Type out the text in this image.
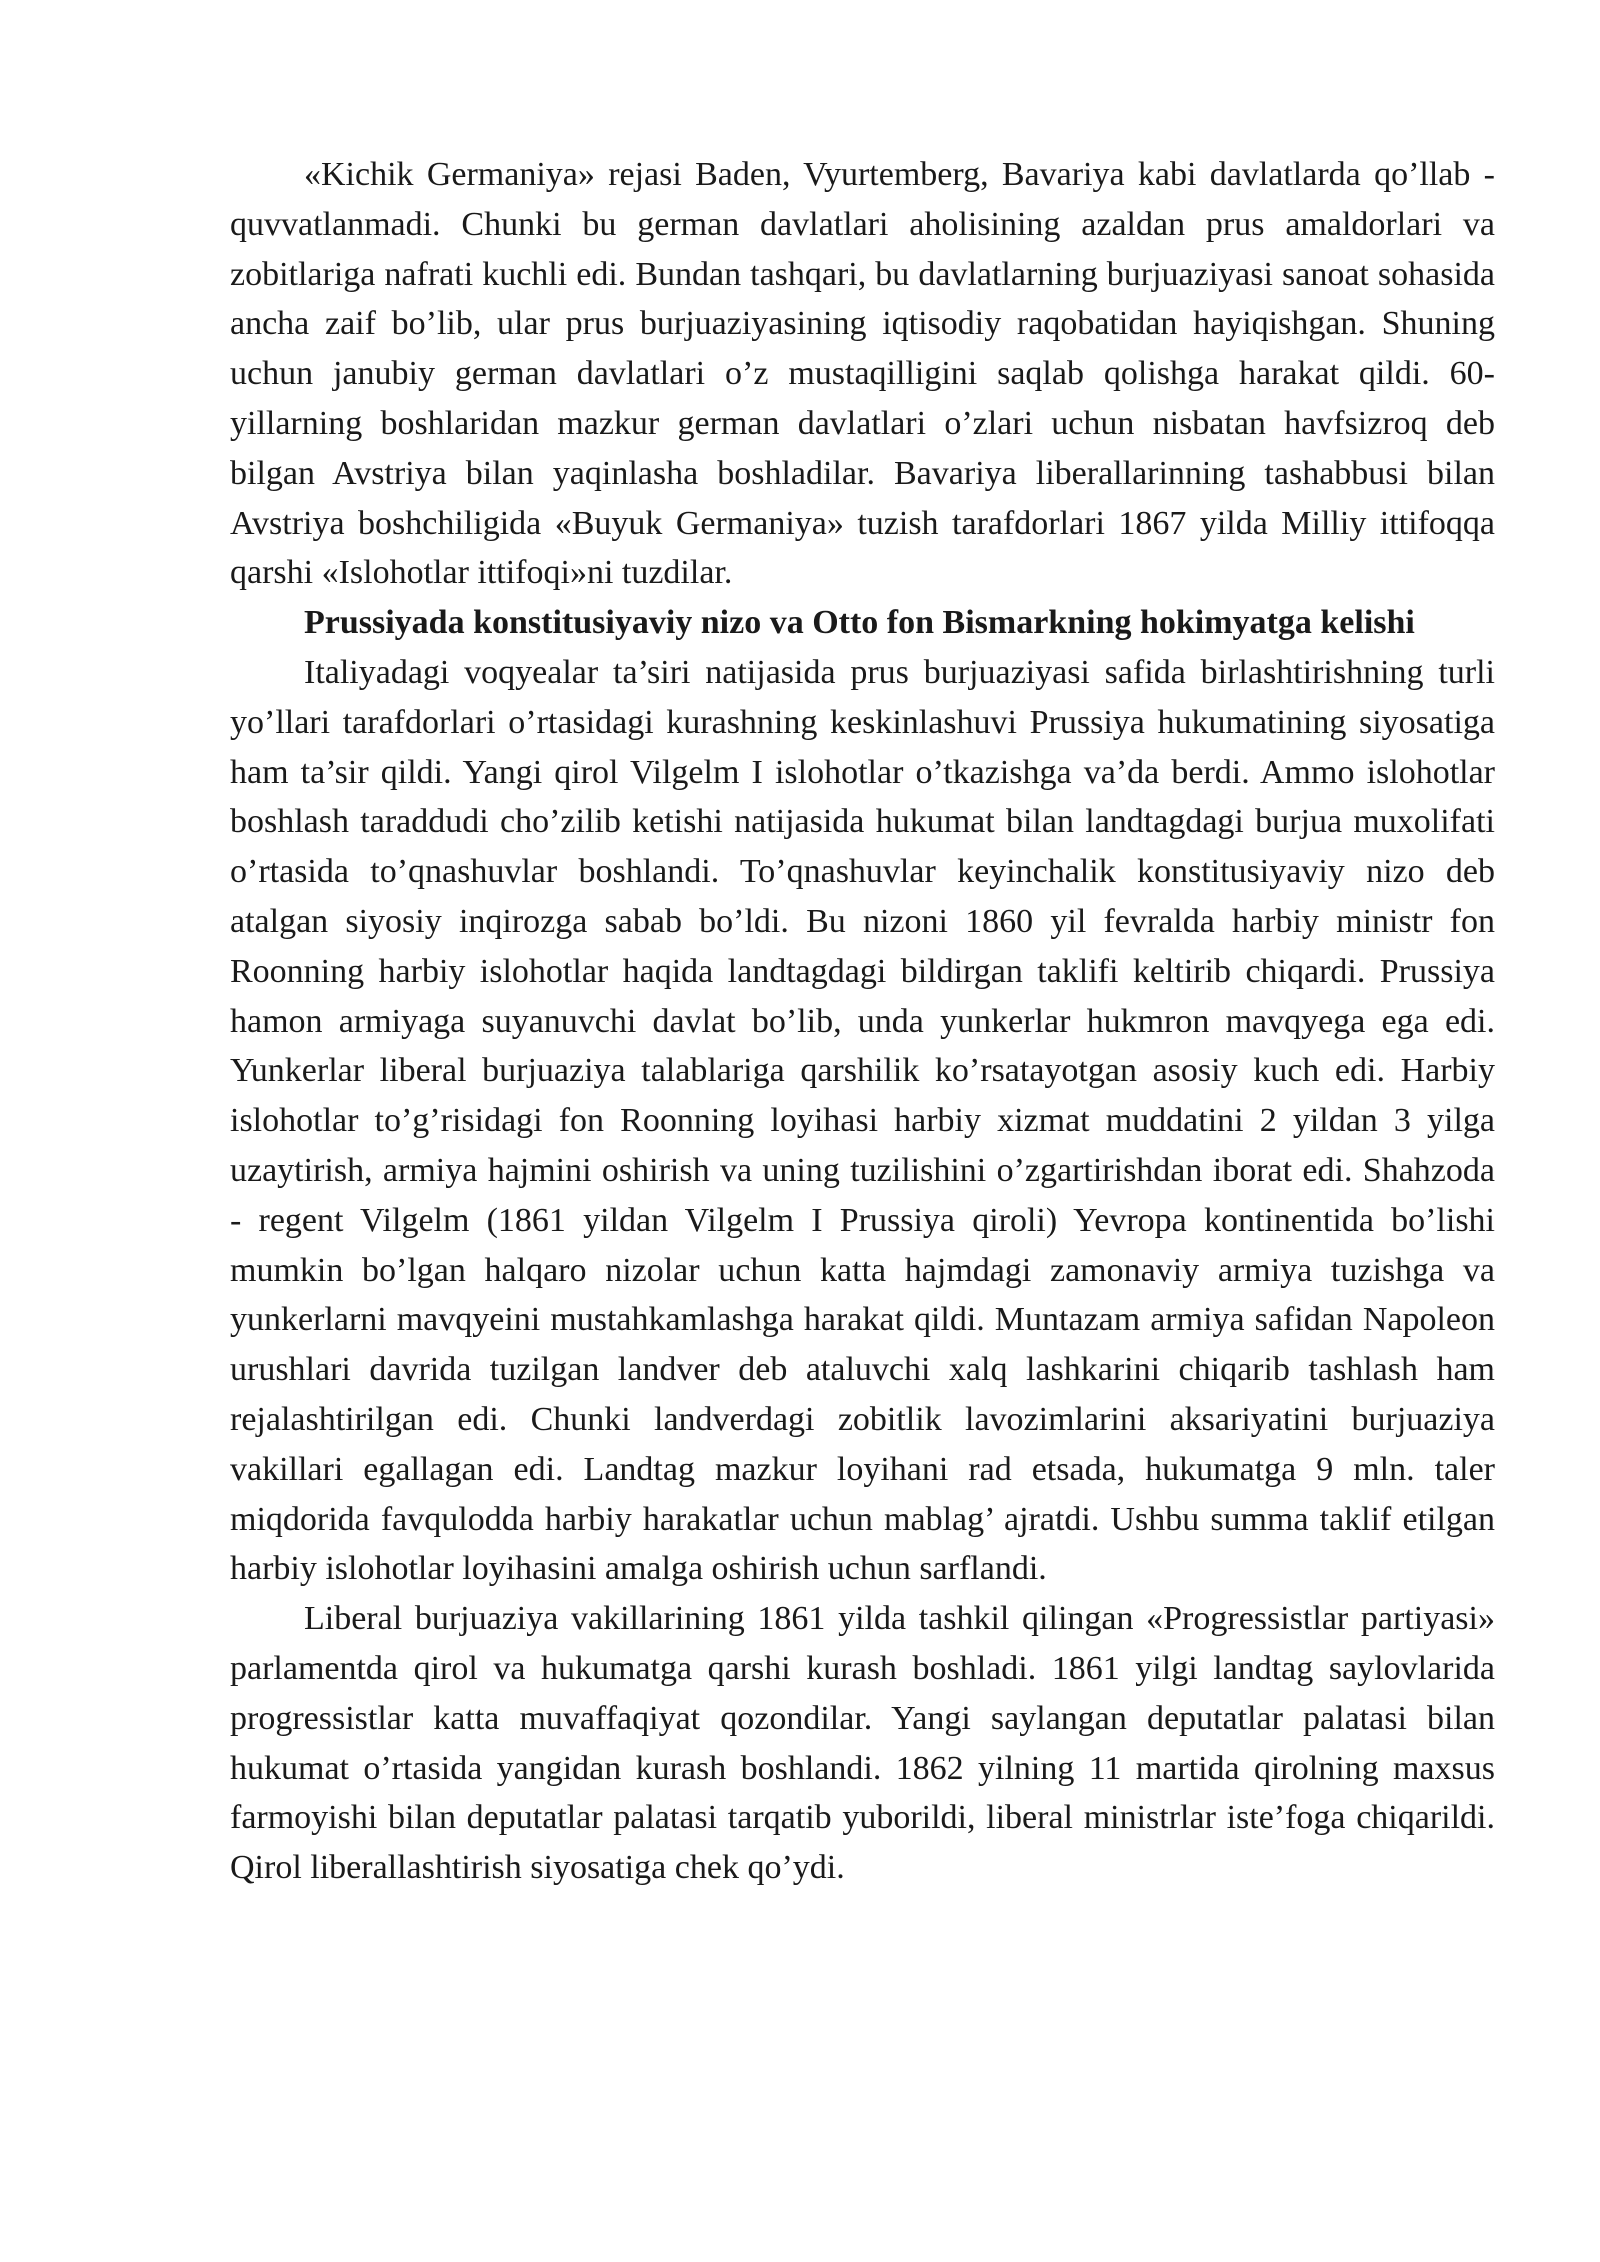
«Kichik Germaniya» rejasi Baden, Vyurtemberg, Bavariya kabi davlatlarda qo’llab - quvvatlanmadi. Chunki bu german davlatlari aholisining azaldan prus amaldorlari va zobitlariga nafrati kuchli edi. Bundan tashqari, bu davlatlarning burjuaziyasi sanoat sohasida ancha zaif bo’lib, ular prus burjuaziyasining iqtisodiy raqobatidan hayiqishgan. Shuning uchun janubiy german davlatlari o’z mustaqilligini saqlab qolishga harakat qildi. 60- yillarning boshlaridan mazkur german davlatlari o’zlari uchun nisbatan havfsizroq deb bilgan Avstriya bilan yaqinlasha boshladilar. Bavariya liberallarinning tashabbusi bilan Avstriya boshchiligida «Buyuk Germaniya» tuzish tarafdorlari 1867 yilda Milliy ittifoqqa qarshi «Islohotlar ittifoqi»ni tuzdilar.

Prussiyada konstitusiyaviy nizo va Otto fon Bismarkning hokimyatga kelishi

Italiyadagi voqyealar ta’siri natijasida prus burjuaziyasi safida birlashtirishning turli yo’llari tarafdorlari o’rtasidagi kurashning keskinlashuvi Prussiya hukumatining siyosatiga ham ta’sir qildi. Yangi qirol Vilgelm I islohotlar o’tkazishga va’da berdi. Ammo islohotlar boshlash taraddudi cho’zilib ketishi natijasida hukumat bilan landtagdagi burjua muxolifati o’rtasida to’qnashuvlar boshlandi. To’qnashuvlar keyinchalik konstitusiyaviy nizo deb atalgan siyosiy inqirozga sabab bo’ldi. Bu nizoni 1860 yil fevralda harbiy ministr fon Roonning harbiy islohotlar haqida landtagdagi bildirgan taklifi keltirib chiqardi. Prussiya hamon armiyaga suyanuvchi davlat bo’lib, unda yunkerlar hukmron mavqyega ega edi. Yunkerlar liberal burjuaziya talablariga qarshilik ko’rsatayotgan asosiy kuch edi. Harbiy islohotlar to’g’risidagi fon Roonning loyihasi harbiy xizmat muddatini 2 yildan 3 yilga uzaytirish, armiya hajmini oshirish va uning tuzilishini o’zgartirishdan iborat edi. Shahzoda - regent Vilgelm (1861 yildan Vilgelm I Prussiya qiroli) Yevropa kontinentida bo’lishi mumkin bo’lgan halqaro nizolar uchun katta hajmdagi zamonaviy armiya tuzishga va yunkerlarni mavqyeini mustahkamlashga harakat qildi. Muntazam armiya safidan Napoleon urushlari davrida tuzilgan landver deb ataluvchi xalq lashkarini chiqarib tashlash ham rejalashtirilgan edi. Chunki landverdagi zobitlik lavozimlarini aksariyatini burjuaziya vakillari egallagan edi. Landtag mazkur loyihani rad etsada, hukumatga 9 mln. taler miqdorida favqulodda harbiy harakatlar uchun mablag’ ajratdi. Ushbu summa taklif etilgan harbiy islohotlar loyihasini amalga oshirish uchun sarflandi.

Liberal burjuaziya vakillarining 1861 yilda tashkil qilingan «Progressistlar partiyasi» parlamentda qirol va hukumatga qarshi kurash boshladi. 1861 yilgi landtag saylovlarida progressistlar katta muvaffaqiyat qozondilar. Yangi saylangan deputatlar palatasi bilan hukumat o’rtasida yangidan kurash boshlandi. 1862 yilning 11 martida qirolning maxsus farmoyishi bilan deputatlar palatasi tarqatib yuborildi, liberal ministrlar iste’foga chiqarildi. Qirol liberallashtirish siyosatiga chek qo’ydi.
